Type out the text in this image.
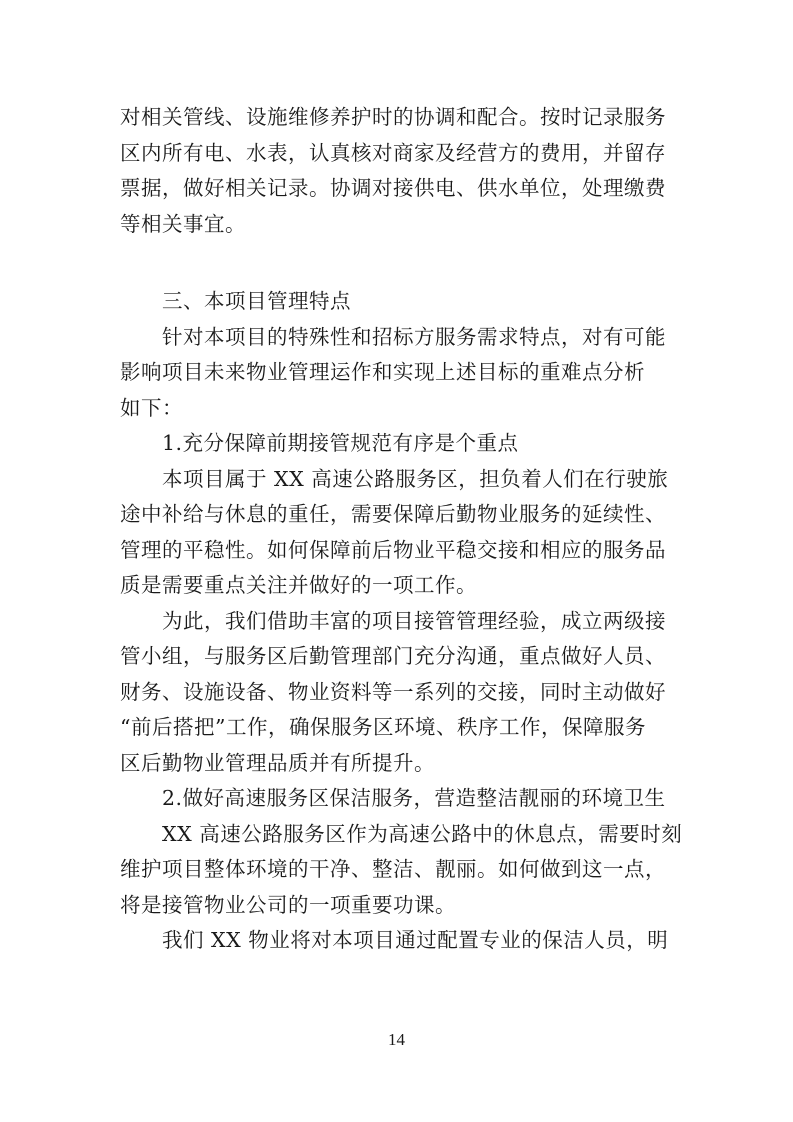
对相关管线、设施维修养护时的协调和配合。按时记录服务
区内所有电、水表，认真核对商家及经营方的费用，并留存
票据，做好相关记录。协调对接供电、供水单位，处理缴费
等相关事宜。
三、本项目管理特点
针对本项目的特殊性和招标方服务需求特点，对有可能
影响项目未来物业管理运作和实现上述目标的重难点分析
如下：
1.充分保障前期接管规范有序是个重点
本项目属于 XX 高速公路服务区，担负着人们在行驶旅
途中补给与休息的重任，需要保障后勤物业服务的延续性、
管理的平稳性。如何保障前后物业平稳交接和相应的服务品
质是需要重点关注并做好的一项工作。
为此，我们借助丰富的项目接管管理经验，成立两级接
管小组，与服务区后勤管理部门充分沟通，重点做好人员、
财务、设施设备、物业资料等一系列的交接，同时主动做好
“前后搭把”工作，确保服务区环境、秩序工作，保障服务
区后勤物业管理品质并有所提升。
2.做好高速服务区保洁服务，营造整洁靓丽的环境卫生
XX 高速公路服务区作为高速公路中的休息点，需要时刻
维护项目整体环境的干净、整洁、靓丽。如何做到这一点，
将是接管物业公司的一项重要功课。
我们 XX 物业将对本项目通过配置专业的保洁人员，明
14
